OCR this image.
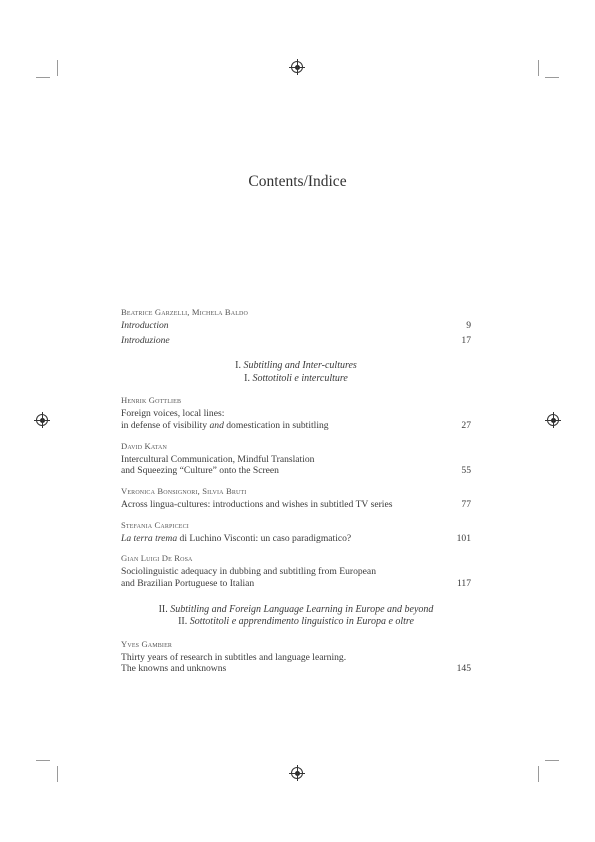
Contents/Indice
Beatrice Garzelli, Michela Baldo
Introduction	9
Introduzione	17
I. Subtitling and Inter-cultures
I. Sottotitoli e interculture
Henrik Gottlieb
Foreign voices, local lines:
in defense of visibility and domestication in subtitling	27
David Katan
Intercultural Communication, Mindful Translation
and Squeezing “Culture” onto the Screen	55
Veronica Bonsignori, Silvia Bruti
Across lingua-cultures: introductions and wishes in subtitled TV series	77
Stefania Carpiceci
La terra trema di Luchino Visconti: un caso paradigmatico?	101
Gian Luigi De Rosa
Sociolinguistic adequacy in dubbing and subtitling from European
and Brazilian Portuguese to Italian	117
II. Subtitling and Foreign Language Learning in Europe and beyond
II. Sottotitoli e apprendimento linguistico in Europa e oltre
Yves Gambier
Thirty years of research in subtitles and language learning.
The knowns and unknowns	145
